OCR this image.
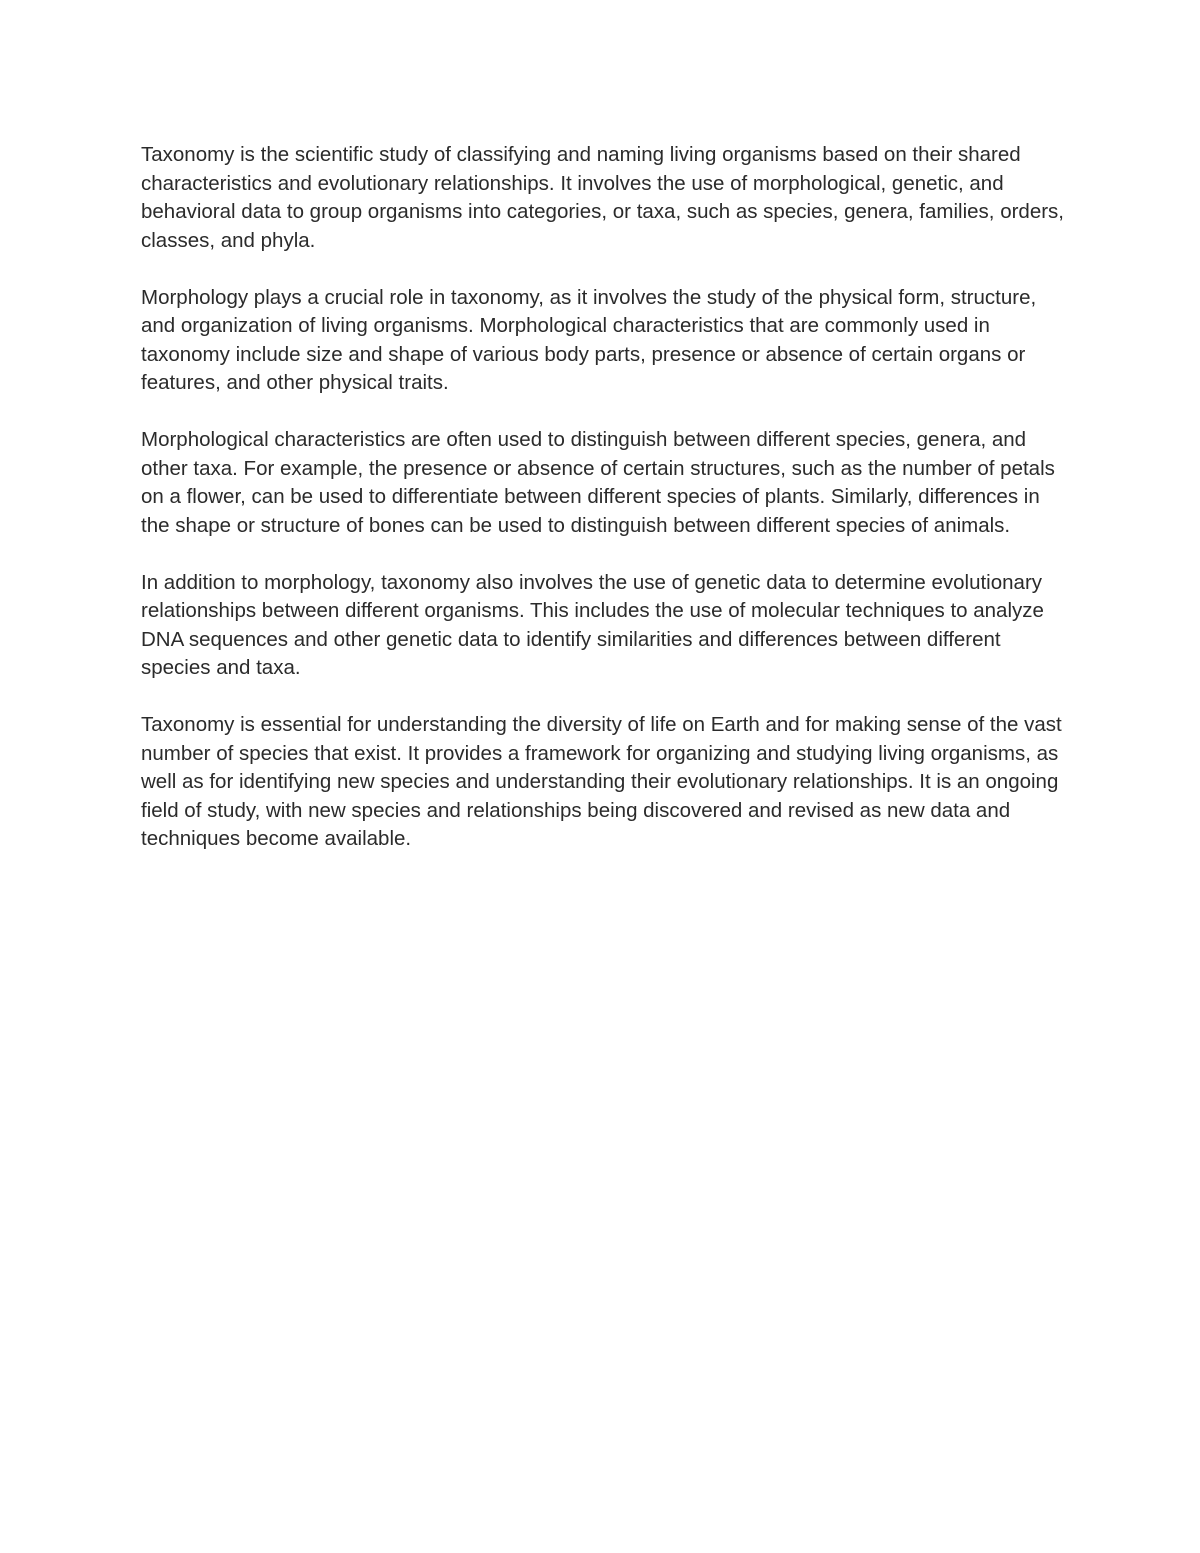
Taxonomy is the scientific study of classifying and naming living organisms based on their shared characteristics and evolutionary relationships. It involves the use of morphological, genetic, and behavioral data to group organisms into categories, or taxa, such as species, genera, families, orders, classes, and phyla.

Morphology plays a crucial role in taxonomy, as it involves the study of the physical form, structure, and organization of living organisms. Morphological characteristics that are commonly used in taxonomy include size and shape of various body parts, presence or absence of certain organs or features, and other physical traits.

Morphological characteristics are often used to distinguish between different species, genera, and other taxa. For example, the presence or absence of certain structures, such as the number of petals on a flower, can be used to differentiate between different species of plants. Similarly, differences in the shape or structure of bones can be used to distinguish between different species of animals.

In addition to morphology, taxonomy also involves the use of genetic data to determine evolutionary relationships between different organisms. This includes the use of molecular techniques to analyze DNA sequences and other genetic data to identify similarities and differences between different species and taxa.

Taxonomy is essential for understanding the diversity of life on Earth and for making sense of the vast number of species that exist. It provides a framework for organizing and studying living organisms, as well as for identifying new species and understanding their evolutionary relationships. It is an ongoing field of study, with new species and relationships being discovered and revised as new data and techniques become available.
